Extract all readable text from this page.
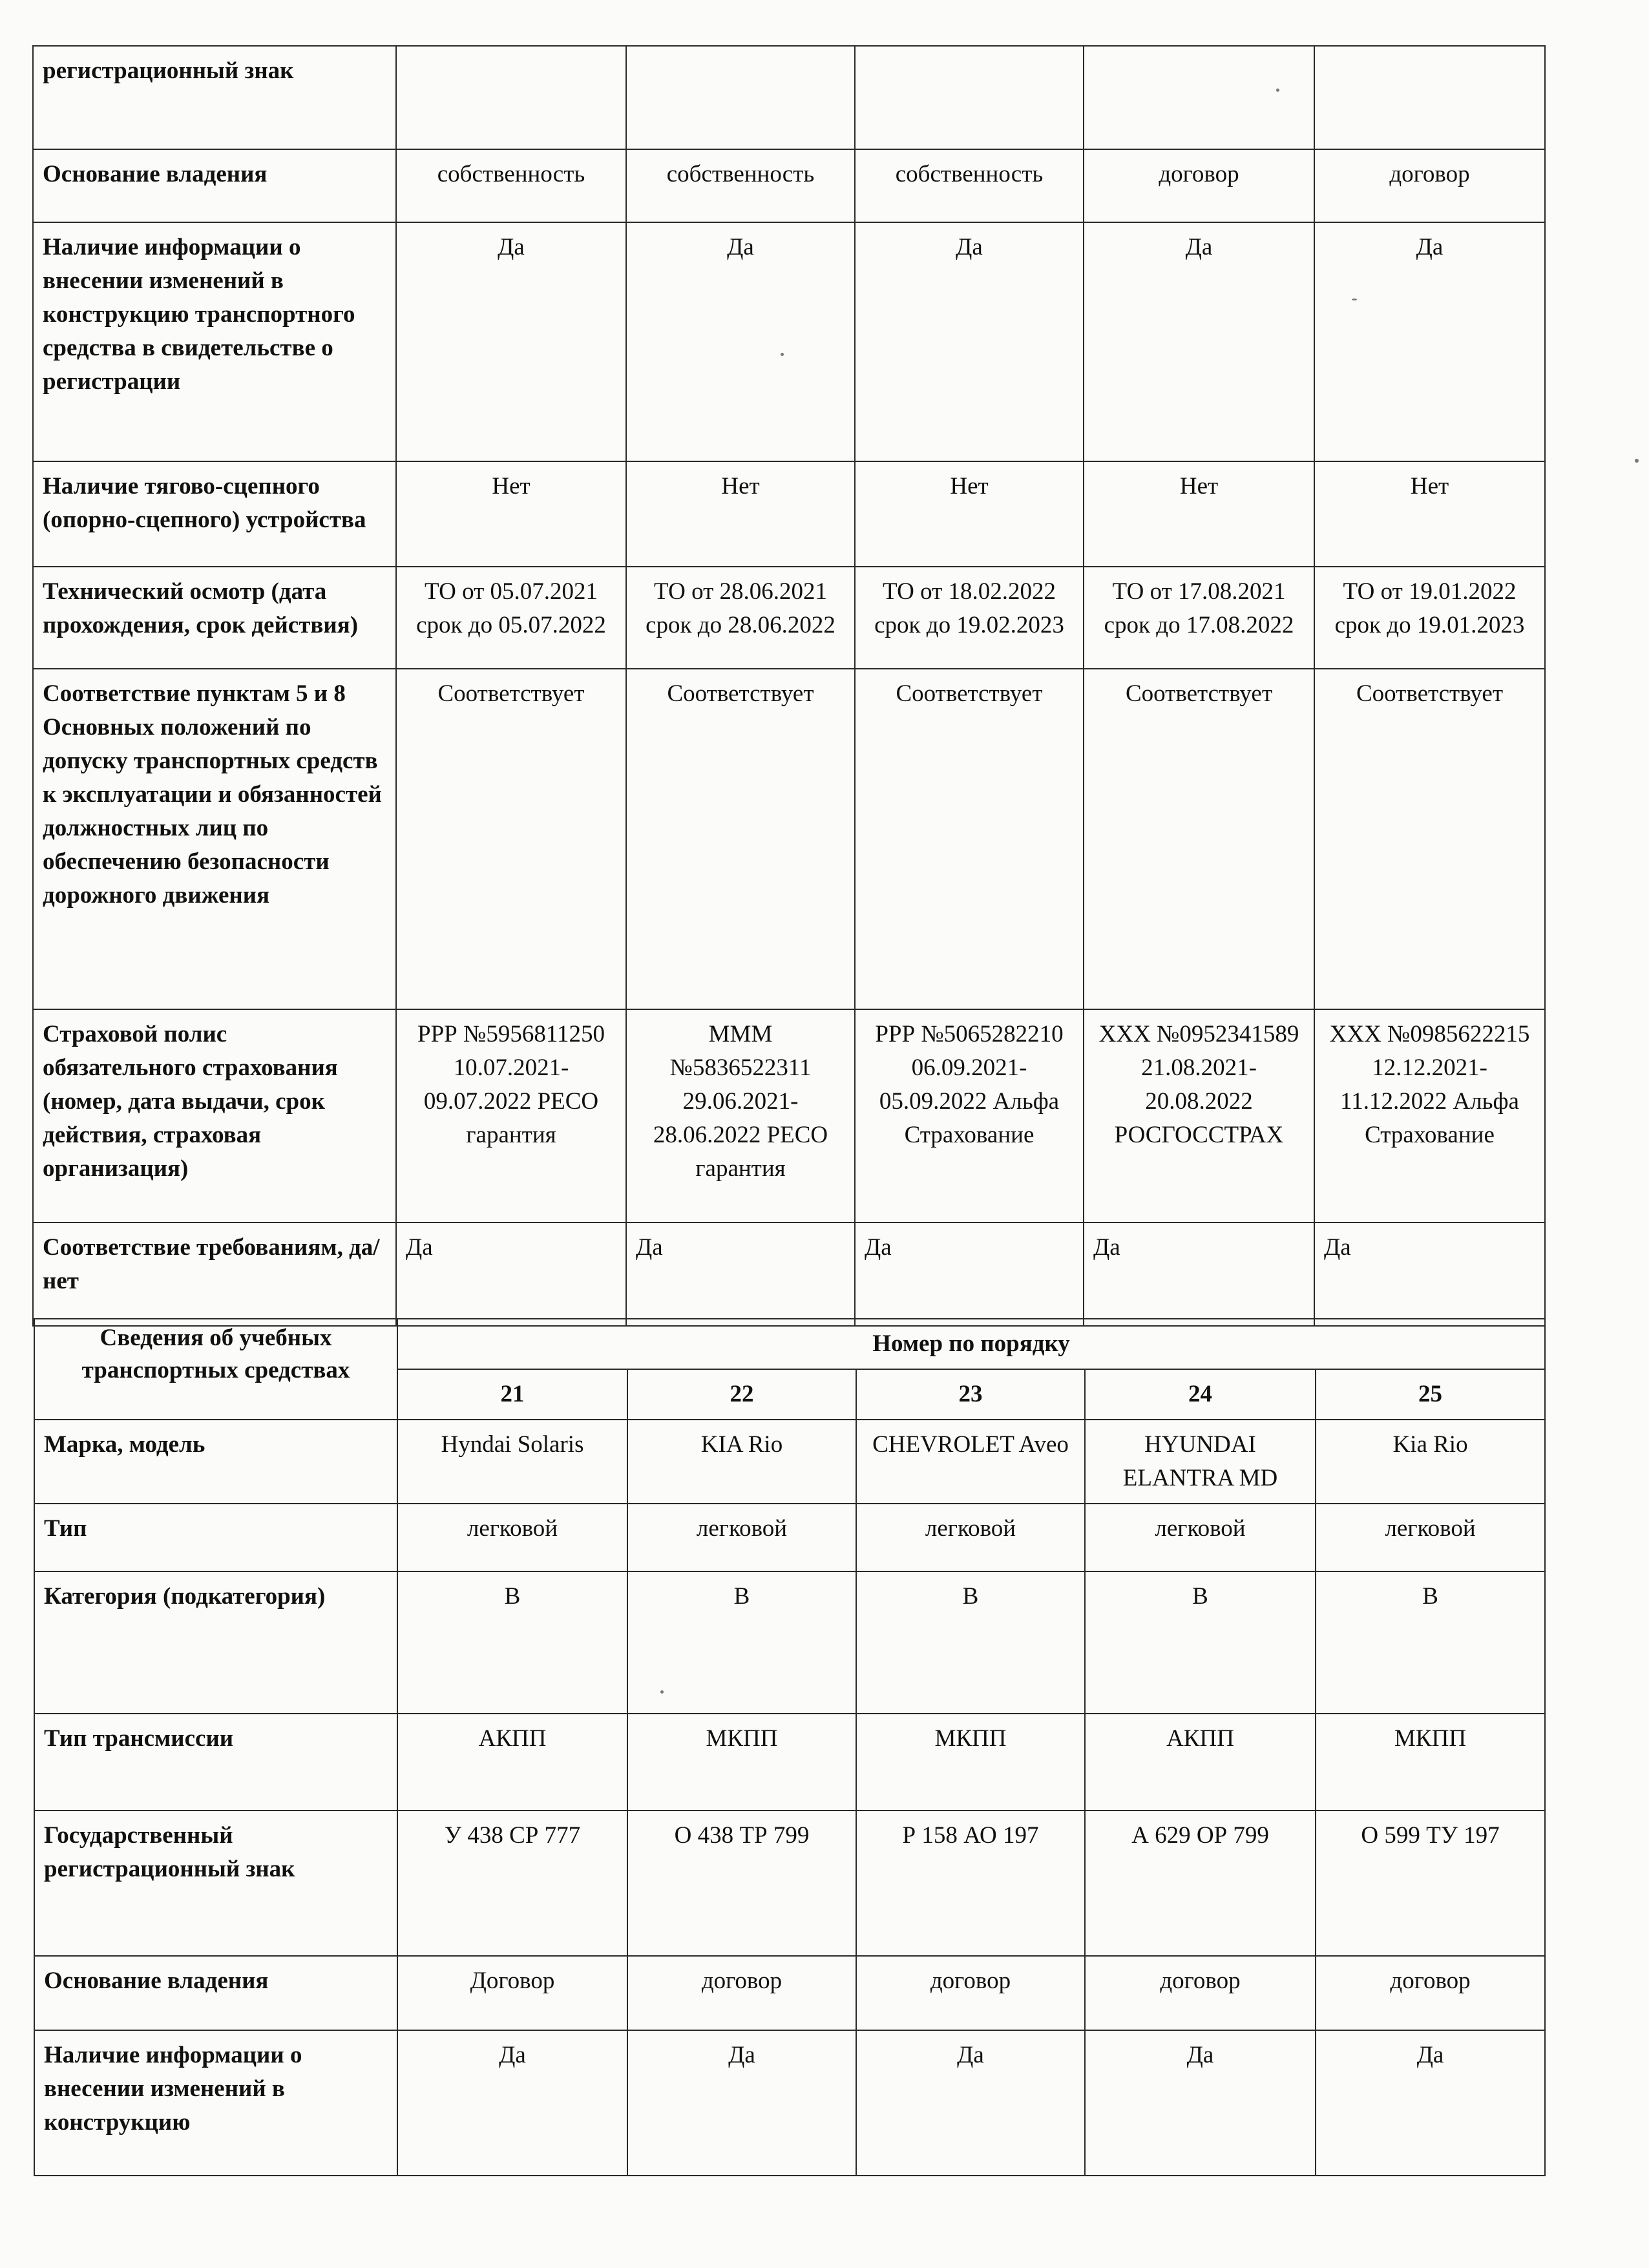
регистрационный знак					
Основание владения	собственность	собственность	собственность	договор	договор
Наличие информации о внесении изменений в конструкцию транспортного средства в свидетельстве о регистрации	Да	Да	Да	Да	Да
Наличие тягово-сцепного (опорно-сцепного) устройства	Нет	Нет	Нет	Нет	Нет
Технический осмотр (дата прохождения, срок действия)	ТО от 05.07.2021 срок до 05.07.2022	ТО от 28.06.2021 срок до 28.06.2022	ТО от 18.02.2022 срок до 19.02.2023	ТО от 17.08.2021 срок до 17.08.2022	ТО от 19.01.2022 срок до 19.01.2023
Соответствие пунктам 5 и 8 Основных положений по допуску транспортных средств к эксплуатации и обязанностей должностных лиц по обеспечению безопасности дорожного движения	Соответствует	Соответствует	Соответствует	Соответствует	Соответствует
Страховой полис обязательного страхования (номер, дата выдачи, срок действия, страховая организация)	РРР №5956811250 10.07.2021-09.07.2022 РЕСО гарантия	МММ №5836522311 29.06.2021-28.06.2022 РЕСО гарантия	РРР №5065282210 06.09.2021-05.09.2022 Альфа Страхование	ХХХ №0952341589 21.08.2021-20.08.2022 РОСГОССТРАХ	ХХХ №0985622215 12.12.2021-11.12.2022 Альфа Страхование
Соответствие требованиям, да/нет	Да	Да	Да	Да	Да
Сведения об учебных транспортных средствах	Номер по порядку				
	21	22	23	24	25
Марка, модель	Hyndai Solaris	KIA Rio	CHEVROLET Aveo	HYUNDAI ELANTRA MD	Kia Rio
Тип	легковой	легковой	легковой	легковой	легковой
Категория (подкатегория)	B	B	B	B	B
Тип трансмиссии	АКПП	МКПП	МКПП	АКПП	МКПП
Государственный регистрационный знак	У 438 СР 777	О 438 ТР 799	Р 158 АО 197	А 629 ОР 799	О 599 ТУ 197
Основание владения	Договор	договор	договор	договор	договор
Наличие информации о внесении изменений в конструкцию	Да	Да	Да	Да	Да
